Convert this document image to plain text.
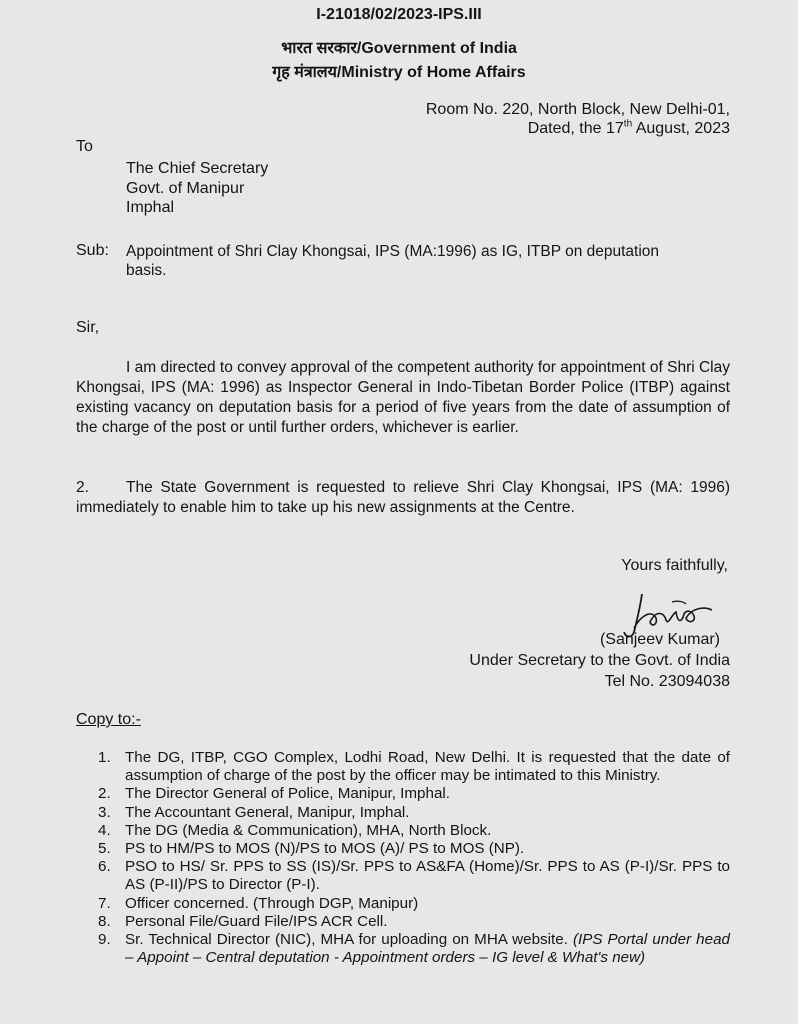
I-21018/02/2023-IPS.III
भारत सरकार/Government of India
गृह मंत्रालय/Ministry of Home Affairs
Room No. 220, North Block, New Delhi-01,
Dated, the 17th August, 2023
To
The Chief Secretary
Govt. of Manipur
Imphal
Sub: Appointment of Shri Clay Khongsai, IPS (MA:1996) as IG, ITBP on deputation
basis.
Sir,
I am directed to convey approval of the competent authority for appointment of Shri Clay Khongsai, IPS (MA: 1996) as Inspector General in Indo-Tibetan Border Police (ITBP) against existing vacancy on deputation basis for a period of five years from the date of assumption of the charge of the post or until further orders, whichever is earlier.
2. The State Government is requested to relieve Shri Clay Khongsai, IPS (MA: 1996) immediately to enable him to take up his new assignments at the Centre.
Yours faithfully,
(Sanjeev Kumar)
Under Secretary to the Govt. of India
Tel No. 23094038
Copy to:-
1. The DG, ITBP, CGO Complex, Lodhi Road, New Delhi. It is requested that the date of assumption of charge of the post by the officer may be intimated to this Ministry.
2. The Director General of Police, Manipur, Imphal.
3. The Accountant General, Manipur, Imphal.
4. The DG (Media & Communication), MHA, North Block.
5. PS to HM/PS to MOS (N)/PS to MOS (A)/ PS to MOS (NP).
6. PSO to HS/ Sr. PPS to SS (IS)/Sr. PPS to AS&FA (Home)/Sr. PPS to AS (P-I)/Sr. PPS to AS (P-II)/PS to Director (P-I).
7. Officer concerned. (Through DGP, Manipur)
8. Personal File/Guard File/IPS ACR Cell.
9. Sr. Technical Director (NIC), MHA for uploading on MHA website. (IPS Portal under head – Appoint – Central deputation - Appointment orders – IG level & What's new)
